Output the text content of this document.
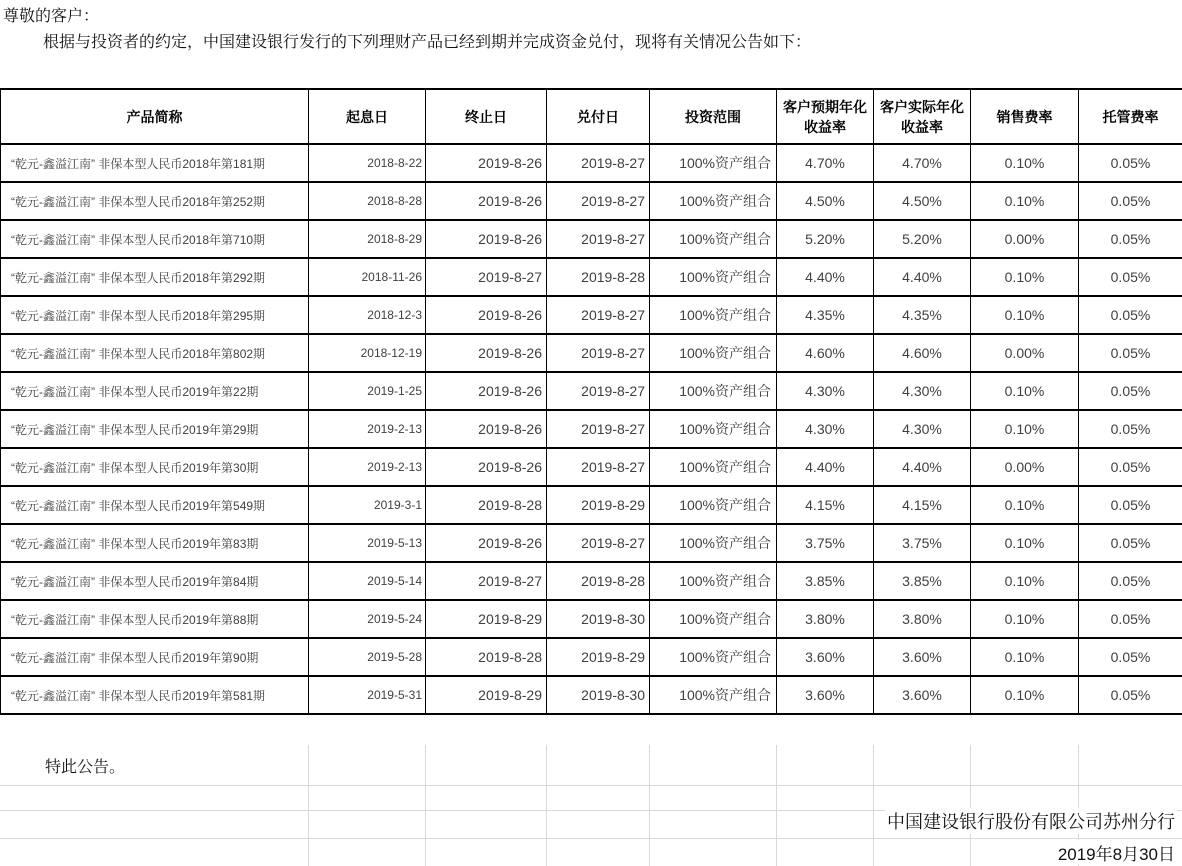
尊敬的客户：
根据与投资者的约定，中国建设银行发行的下列理财产品已经到期并完成资金兑付，现将有关情况公告如下：
产品简称	起息日	终止日	兑付日	投资范围	客户预期年化收益率	客户实际年化收益率	销售费率	托管费率
“乾元-鑫溢江南” 非保本型人民币2018年第181期	2018-8-22	2019-8-26	2019-8-27	100%资产组合	4.70%	4.70%	0.10%	0.05%
“乾元-鑫溢江南” 非保本型人民币2018年第252期	2018-8-28	2019-8-26	2019-8-27	100%资产组合	4.50%	4.50%	0.10%	0.05%
“乾元-鑫溢江南” 非保本型人民币2018年第710期	2018-8-29	2019-8-26	2019-8-27	100%资产组合	5.20%	5.20%	0.00%	0.05%
“乾元-鑫溢江南” 非保本型人民币2018年第292期	2018-11-26	2019-8-27	2019-8-28	100%资产组合	4.40%	4.40%	0.10%	0.05%
“乾元-鑫溢江南” 非保本型人民币2018年第295期	2018-12-3	2019-8-26	2019-8-27	100%资产组合	4.35%	4.35%	0.10%	0.05%
“乾元-鑫溢江南” 非保本型人民币2018年第802期	2018-12-19	2019-8-26	2019-8-27	100%资产组合	4.60%	4.60%	0.00%	0.05%
“乾元-鑫溢江南” 非保本型人民币2019年第22期	2019-1-25	2019-8-26	2019-8-27	100%资产组合	4.30%	4.30%	0.10%	0.05%
“乾元-鑫溢江南” 非保本型人民币2019年第29期	2019-2-13	2019-8-26	2019-8-27	100%资产组合	4.30%	4.30%	0.10%	0.05%
“乾元-鑫溢江南” 非保本型人民币2019年第30期	2019-2-13	2019-8-26	2019-8-27	100%资产组合	4.40%	4.40%	0.00%	0.05%
“乾元-鑫溢江南” 非保本型人民币2019年第549期	2019-3-1	2019-8-28	2019-8-29	100%资产组合	4.15%	4.15%	0.10%	0.05%
“乾元-鑫溢江南” 非保本型人民币2019年第83期	2019-5-13	2019-8-26	2019-8-27	100%资产组合	3.75%	3.75%	0.10%	0.05%
“乾元-鑫溢江南” 非保本型人民币2019年第84期	2019-5-14	2019-8-27	2019-8-28	100%资产组合	3.85%	3.85%	0.10%	0.05%
“乾元-鑫溢江南” 非保本型人民币2019年第88期	2019-5-24	2019-8-29	2019-8-30	100%资产组合	3.80%	3.80%	0.10%	0.05%
“乾元-鑫溢江南” 非保本型人民币2019年第90期	2019-5-28	2019-8-28	2019-8-29	100%资产组合	3.60%	3.60%	0.10%	0.05%
“乾元-鑫溢江南” 非保本型人民币2019年第581期	2019-5-31	2019-8-29	2019-8-30	100%资产组合	3.60%	3.60%	0.10%	0.05%
特此公告。
中国建设银行股份有限公司苏州分行
2019年8月30日
